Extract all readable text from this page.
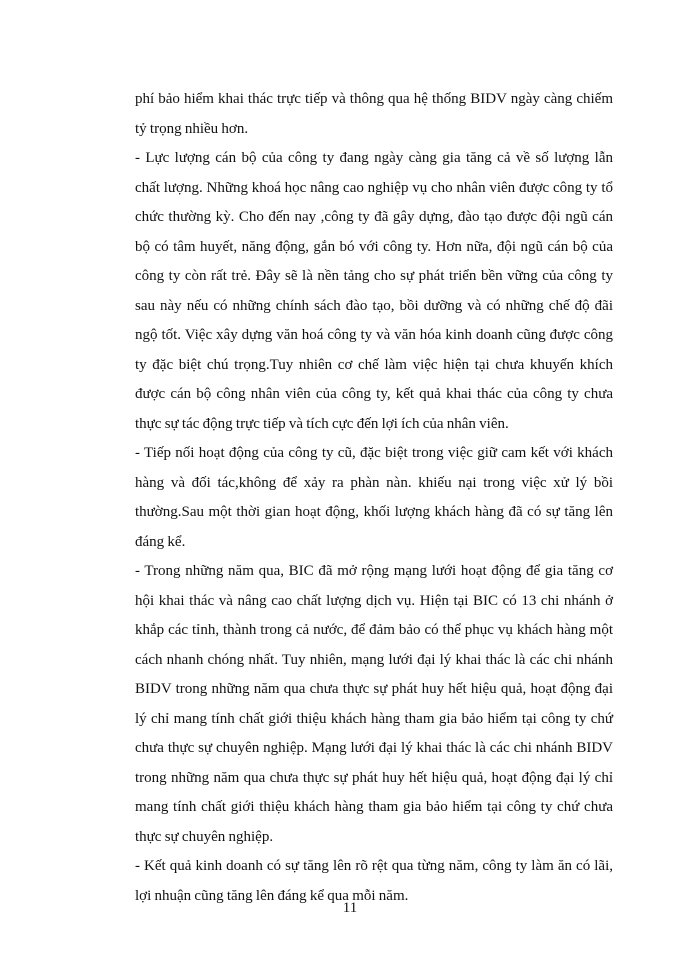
phí bảo hiểm khai thác trực tiếp và thông qua hệ thống BIDV ngày càng chiếm
tỷ trọng nhiều hơn.
- Lực lượng cán bộ của công ty đang ngày càng gia tăng cả về số lượng lẫn
chất lượng. Những khoá học nâng cao nghiệp vụ cho nhân viên được công ty tổ
chức thường kỳ. Cho đến nay ,công ty đã gây dựng, đào tạo được đội ngũ cán
bộ có tâm huyết, năng động, gắn bó với công ty. Hơn nữa, đội ngũ cán bộ của
công ty còn rất trẻ. Đây sẽ là nền tảng cho sự phát triển bền vững của công ty
sau này nếu có những chính sách đào tạo, bồi dưỡng và có những chế độ đãi
ngộ tốt. Việc xây dựng văn hoá công ty và văn hóa kinh doanh cũng được công
ty đặc biệt chú trọng.Tuy nhiên cơ chế làm việc hiện tại chưa khuyến khích
được cán bộ công nhân viên của công ty, kết quả khai thác của công ty chưa
thực sự tác động trực tiếp và tích cực đến lợi ích của nhân viên.
- Tiếp nối hoạt động của công ty cũ, đặc biệt trong việc giữ cam kết với khách
hàng và đối tác,không để xảy ra phàn nàn. khiếu nại trong việc xử lý bồi
thường.Sau một thời gian hoạt động, khối lượng khách hàng đã có sự tăng lên
đáng kể.
- Trong những năm qua, BIC đã mở rộng mạng lưới hoạt động để gia tăng cơ
hội khai thác và nâng cao chất lượng dịch vụ. Hiện tại BIC có 13 chi nhánh ở
khắp các tỉnh, thành trong cả nước, để đảm bảo có thể phục vụ khách hàng một
cách nhanh chóng nhất. Tuy nhiên, mạng lưới đại lý khai thác là các chi nhánh
BIDV trong những năm qua chưa thực sự phát huy hết hiệu quả, hoạt động đại
lý chỉ mang tính chất giới thiệu khách hàng tham gia bảo hiểm tại công ty chứ
chưa thực sự chuyên nghiệp. Mạng lưới đại lý khai thác là các chi nhánh BIDV
trong những năm qua chưa thực sự phát huy hết hiệu quả, hoạt động đại lý chỉ
mang tính chất giới thiệu khách hàng tham gia bảo hiểm tại công ty chứ chưa
thực sự chuyên nghiệp.
- Kết quả kinh doanh có sự tăng lên rõ rệt qua từng năm, công ty làm ăn có lãi,
lợi nhuận cũng tăng lên đáng kể qua mỗi năm.
11
